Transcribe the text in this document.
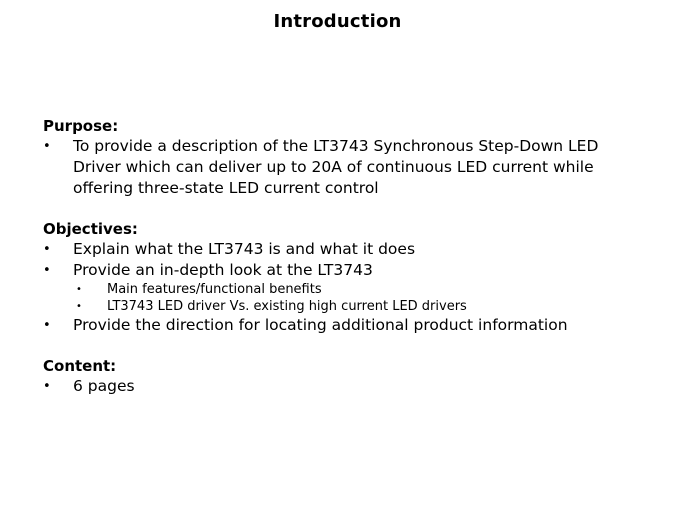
Introduction
Purpose:
• To provide a description of the LT3743 Synchronous Step-Down LED Driver which can deliver up to 20A of continuous LED current while offering three-state LED current control
Objectives:
• Explain what the LT3743 is and what it does
• Provide an in-depth look at the LT3743
• Main features/functional benefits
• LT3743 LED driver Vs. existing high current LED drivers
• Provide the direction for locating additional product information
Content:
• 6 pages
